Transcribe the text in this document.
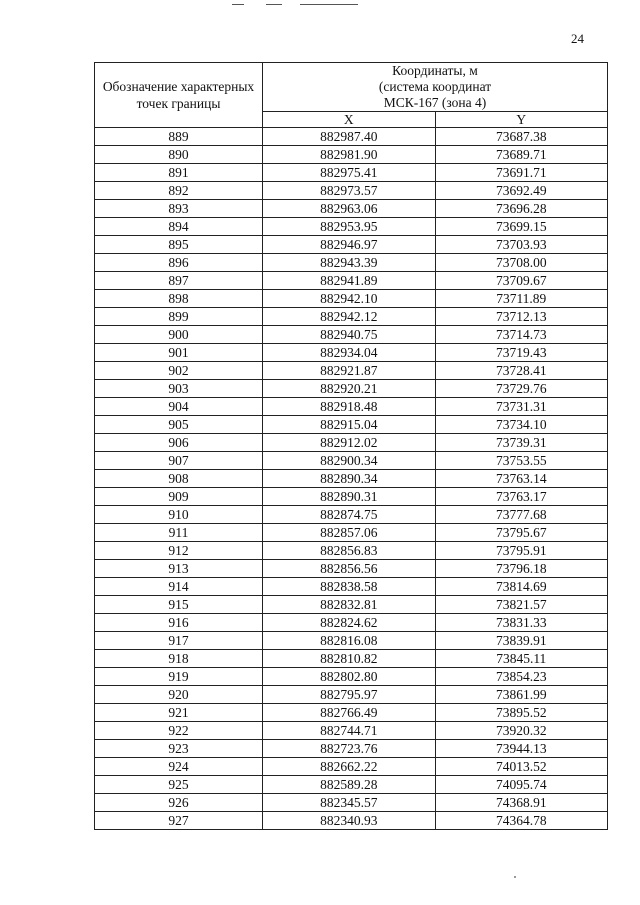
24
Обозначение характерных точек границы	Координаты, м
(система координат
МСК-167 (зона 4)	

	X	Y
889	882987.40	73687.38
890	882981.90	73689.71
891	882975.41	73691.71
892	882973.57	73692.49
893	882963.06	73696.28
894	882953.95	73699.15
895	882946.97	73703.93
896	882943.39	73708.00
897	882941.89	73709.67
898	882942.10	73711.89
899	882942.12	73712.13
900	882940.75	73714.73
901	882934.04	73719.43
902	882921.87	73728.41
903	882920.21	73729.76
904	882918.48	73731.31
905	882915.04	73734.10
906	882912.02	73739.31
907	882900.34	73753.55
908	882890.34	73763.14
909	882890.31	73763.17
910	882874.75	73777.68
911	882857.06	73795.67
912	882856.83	73795.91
913	882856.56	73796.18
914	882838.58	73814.69
915	882832.81	73821.57
916	882824.62	73831.33
917	882816.08	73839.91
918	882810.82	73845.11
919	882802.80	73854.23
920	882795.97	73861.99
921	882766.49	73895.52
922	882744.71	73920.32
923	882723.76	73944.13
924	882662.22	74013.52
925	882589.28	74095.74
926	882345.57	74368.91
927	882340.93	74364.78
